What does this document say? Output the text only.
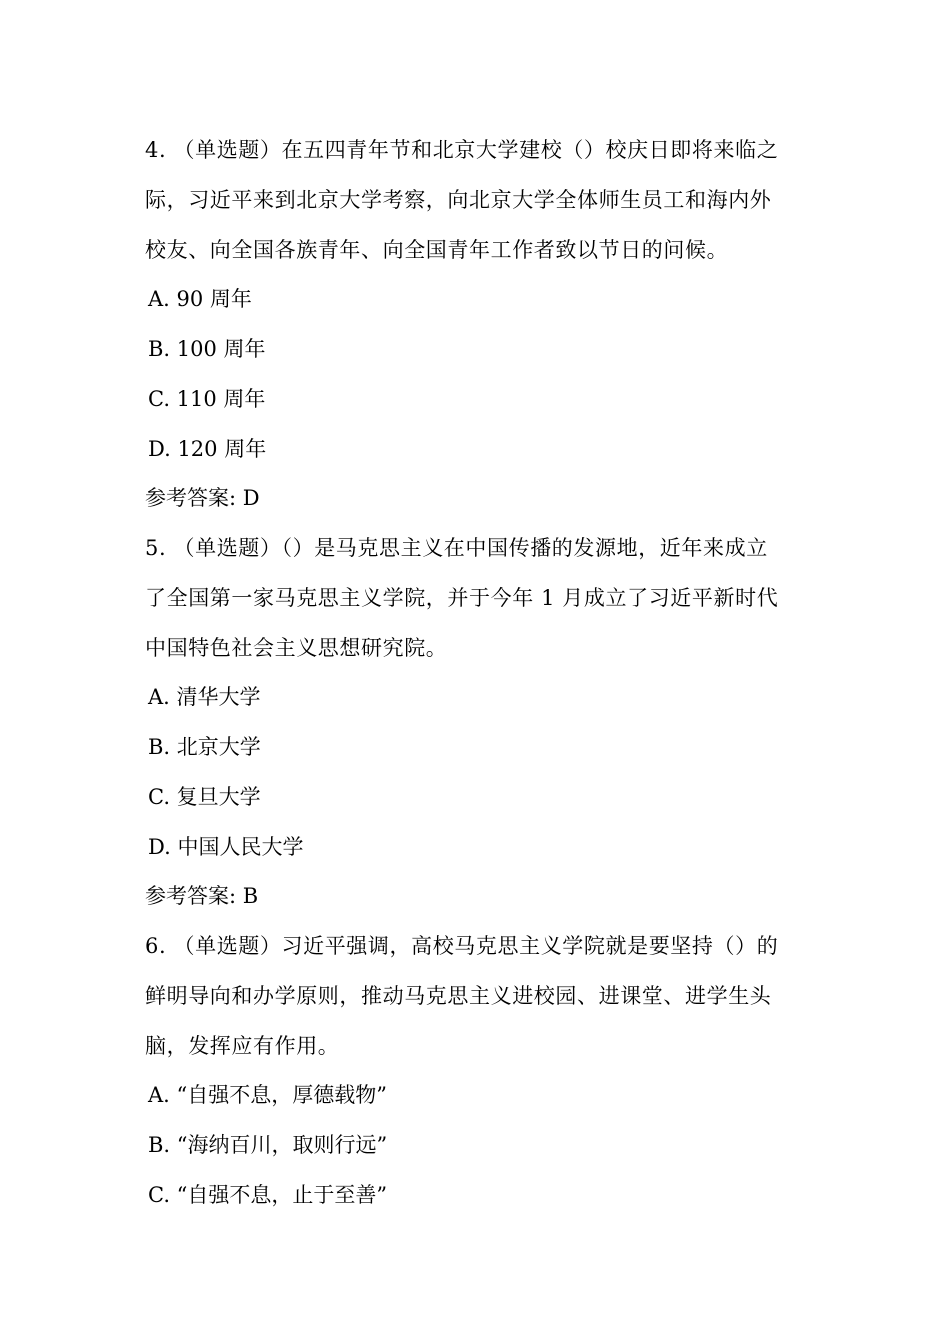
4. （单选题）在五四青年节和北京大学建校（）校庆日即将来临之
际，习近平来到北京大学考察，向北京大学全体师生员工和海内外
校友、向全国各族青年、向全国青年工作者致以节日的问候。
A. 90 周年
B. 100 周年
C. 110 周年
D. 120 周年
参考答案: D
5. （单选题）（）是马克思主义在中国传播的发源地，近年来成立
了全国第一家马克思主义学院，并于今年 1 月成立了习近平新时代
中国特色社会主义思想研究院。
A. 清华大学
B. 北京大学
C. 复旦大学
D. 中国人民大学
参考答案: B
6. （单选题）习近平强调，高校马克思主义学院就是要坚持（）的
鲜明导向和办学原则，推动马克思主义进校园、进课堂、进学生头
脑，发挥应有作用。
A. “自强不息，厚德载物”
B. “海纳百川，取则行远”
C. “自强不息，止于至善”
